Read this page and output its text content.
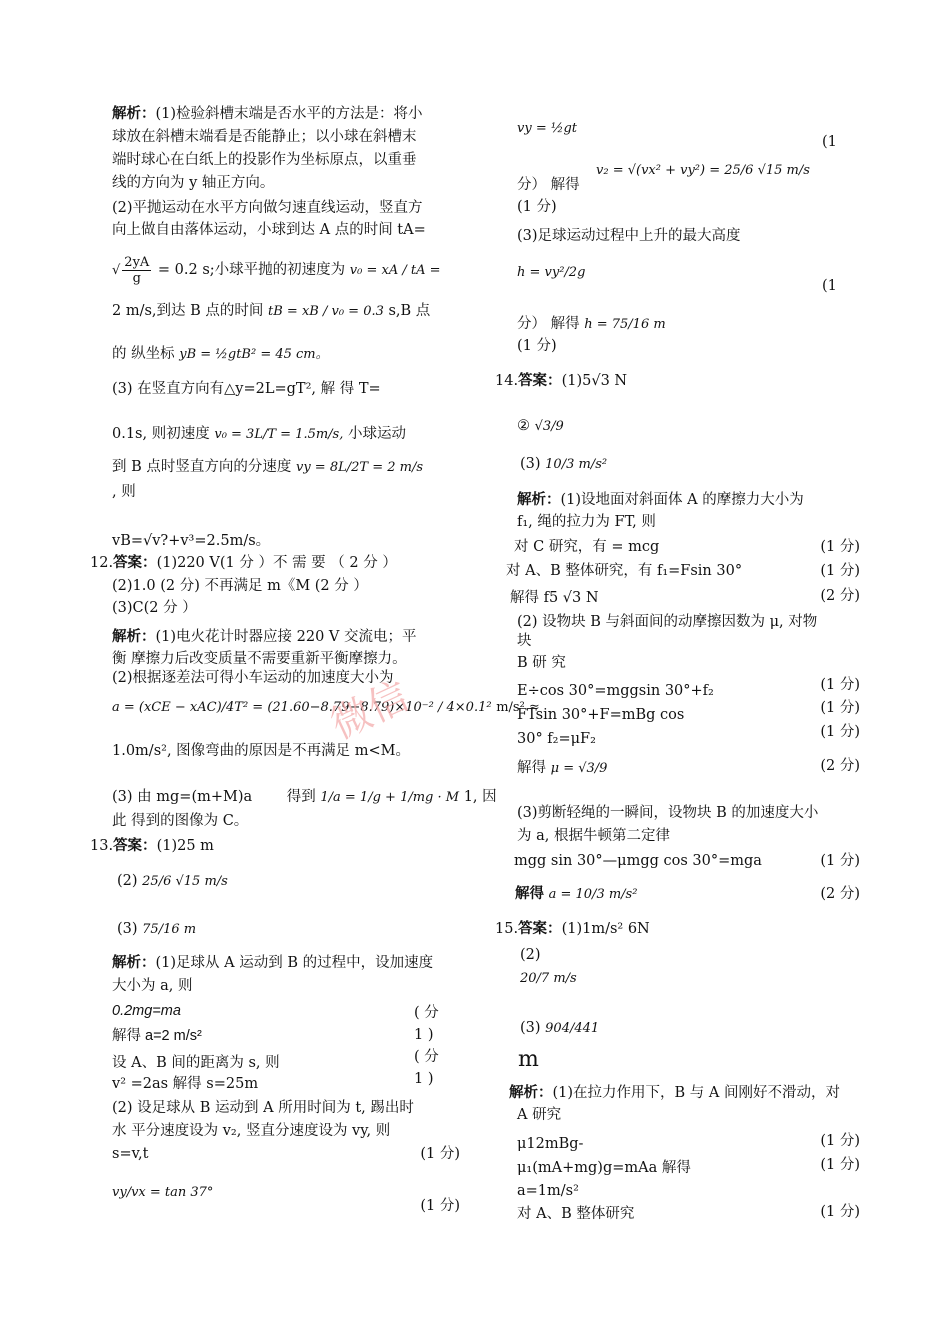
解析：(1)检验斜槽末端是否水平的方法是：将小
球放在斜槽末端看是否能静止；以小球在斜槽末
端时球心在白纸上的投影作为坐标原点，以重垂
线的方向为 y 轴正方向。
(2)平抛运动在水平方向做匀速直线运动，竖直方
向上做自由落体运动，小球到达 A 点的时间 tA=
√ $\frac{2yA}{g} = 0.2$ s;小球平抛的初速度为 v₀ = xA / tA =
2 m/s,到达 B 点的时间 tB = xB / v₀ = 0.3 s,B 点
的 纵坐标 yB = ½gtB² = 45 cm。
(3) 在竖直方向有△y=2L=gT², 解 得 T=
0.1s, 则初速度 v₀ = 3L/T = 1.5m/s, 小球运动
到 B 点时竖直方向的分速度 vy = 8L/2T = 2 m/s
, 则
vB=√v?+v³=2.5m/s。
12.答案：(1)220 V(1 分 ）不 需 要 （ 2 分 ）
(2)1.0 (2 分) 不再满足 m《M (2 分 ）
(3)C(2 分 ）
解析：(1)电火花计时器应接 220 V 交流电；平
衡 摩擦力后改变质量不需要重新平衡摩擦力。
(2)根据逐差法可得小车运动的加速度大小为
a = (xCE − xAC)/4T² = (21.60−8.79−8.79)×10⁻² / 4×0.1² m/s² ≈
1.0m/s², 图像弯曲的原因是不再满足 m<M。
(3) 由 mg=(m+M)a 得到 1/a = 1/g + 1/mg · M 1, 因
此 得到的图像为 C。
13.答案：(1)25 m
(2) 25/6 √15 m/s
(3) 75/16 m
解析：(1)足球从 A 运动到 B 的过程中，设加速度
大小为 a, 则
0.2mg=ma
解得 a=2 m/s²
设 A、B 间的距离为 s, 则
v² =2as 解得 s=25m
( 分
1 )
( 分
1 )
(2) 设足球从 B 运动到 A 所用时间为 t, 踢出时
水 平分速度设为 v₂, 竖直分速度设为 vy, 则
s=v,t	(1 分)
vy/vx = tan 37°
(1 分)
vy = ½gt
(1
v₂ = √(vx² + vy²) = 25/6 √15 m/s
分） 解得
(1 分)
(3)足球运动过程中上升的最大高度
h = vy²/2g
(1
分） 解得 h = 75/16 m
(1 分)
14.答案：(1)5√3 N
② √3/9
(3) 10/3 m/s²
解析：(1)设地面对斜面体 A 的摩擦力大小为
f₁, 绳的拉力为 FT, 则
对 C 研究，有 = mcg	(1 分)
对 A、B 整体研究，有 f₁=Fsin 30°	(1 分)
解得 f5 √3 N	(2 分)
(2) 设物块 B 与斜面间的动摩擦因数为 μ, 对物
块
B 研 究
E÷cos 30°=mggsin 30°+f₂	(1 分)
FTsin 30°+F=mBg cos	(1 分)
30° f₂=μF₂	(1 分)
解得 μ = √3/9	(2 分)
(3)剪断轻绳的一瞬间，设物块 B 的加速度大小
为 a, 根据牛顿第二定律
mgg sin 30°—μmgg cos 30°=mga	(1 分)
解得 a = 10/3 m/s²	(2 分)
15.答案：(1)1m/s² 6N
(2)
20/7 m/s
(3) 904/441
m
解析：(1)在拉力作用下，B 与 A 间刚好不滑动，对
A 研究
μ12mBg-	(1 分)
μ₁(mA+mg)g=mAa 解得	(1 分)
a=1m/s²
对 A、B 整体研究	(1 分)
微信
